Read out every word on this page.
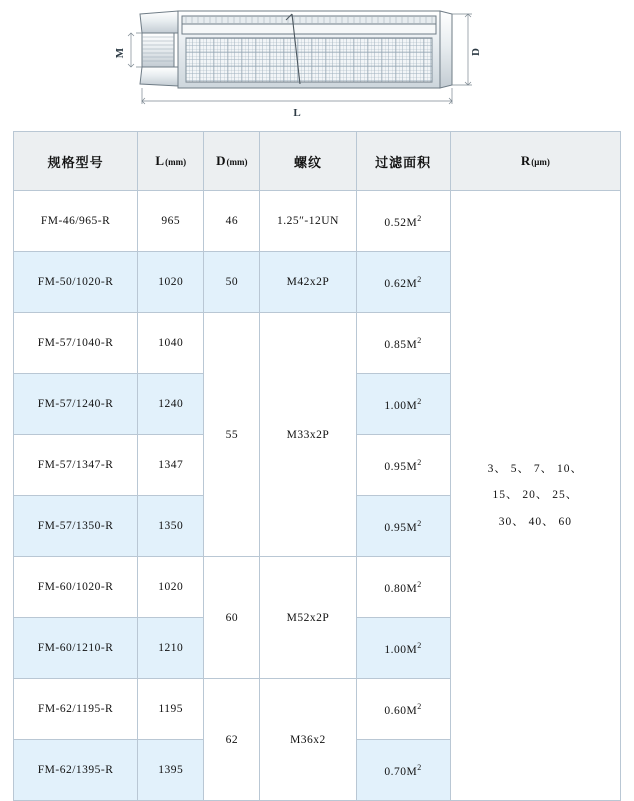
M	D
L
规格型号	L(mm)	D(mm)	螺纹	过滤面积	R(μm)
FM-46/965-R	965	46	1.25″-12UN	$0.52M^2$	3、 5、 7、 10、
15、 20、 25、
30、 40、 60

FM-50/1020-R	1020	50	M42x2P	$0.62M^2$
FM-57/1040-R	1040	55	M33x2P	$0.85M^2$
FM-57/1240-R	1240			$1.00M^2$
FM-57/1347-R	1347			$0.95M^2$
FM-57/1350-R	1350			$0.95M^2$
FM-60/1020-R	1020	60	M52x2P	$0.80M^2$
FM-60/1210-R	1210			$1.00M^2$
FM-62/1195-R	1195	62	M36x2	$0.60M^2$
FM-62/1395-R	1395			$0.70M^2$
